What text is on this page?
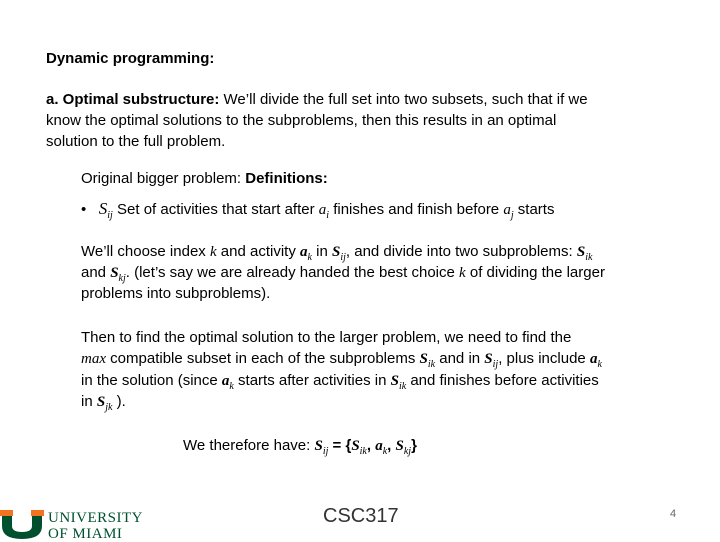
Dynamic programming:
a. Optimal substructure: We’ll divide the full set into two subsets, such that if we
know the optimal solutions to the subproblems, then this results in an optimal
solution to the full problem.
Original bigger problem: Definitions:
• $S_{ij}$ Set of activities that start after $a_i$ finishes and finish before $a_j$ starts
We’ll choose index k and activity $a_k$ in $S_{ij}$, and divide into two subproblems: $S_{ik}$
and $S_{kj}$. (let’s say we are already handed the best choice k of dividing the larger
problems into subproblems).
Then to find the optimal solution to the larger problem, we need to find the
max compatible subset in each of the subproblems $S_{ik}$ and in $S_{ij}$, plus include $a_k$
in the solution (since $a_k$ starts after activities in $S_{ik}$ and finishes before activities
in $S_{jk}$ ).
We therefore have: $S_{ij} = \{S_{ik}$, $a_k$, $S_{kj}$}
UNIVERSITY
OF MIAMI
CSC317	4
